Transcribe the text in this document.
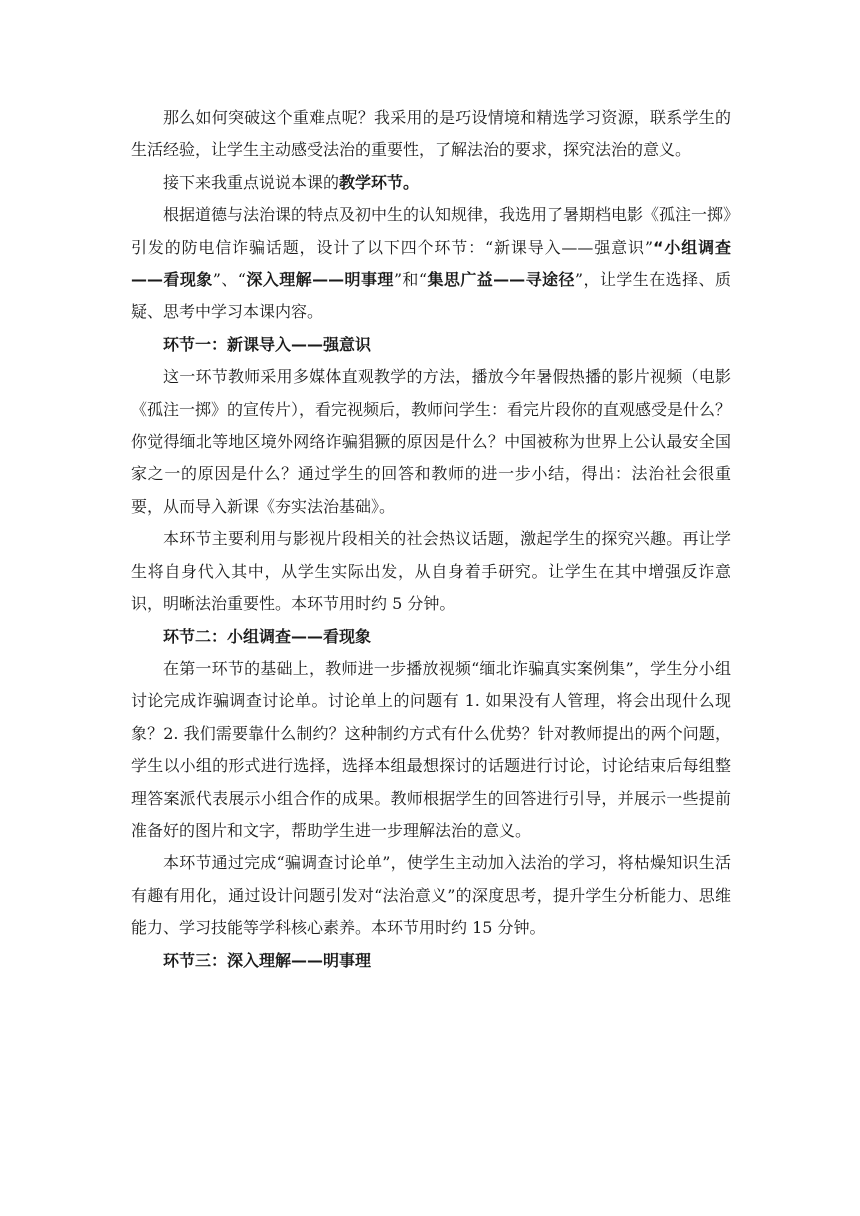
那么如何突破这个重难点呢？我采用的是巧设情境和精选学习资源，联系学生的生活经验，让学生主动感受法治的重要性，了解法治的要求，探究法治的意义。

接下来我重点说说本课的教学环节。

根据道德与法治课的特点及初中生的认知规律，我选用了暑期档电影《孤注一掷》引发的防电信诈骗话题，设计了以下四个环节：“新课导入——强意识”“小组调查——看现象”、“深入理解——明事理”和“集思广益——寻途径”，让学生在选择、质疑、思考中学习本课内容。

环节一：新课导入——强意识

这一环节教师采用多媒体直观教学的方法，播放今年暑假热播的影片视频（电影《孤注一掷》的宣传片），看完视频后，教师问学生：看完片段你的直观感受是什么？你觉得缅北等地区境外网络诈骗猖獗的原因是什么？中国被称为世界上公认最安全国家之一的原因是什么？通过学生的回答和教师的进一步小结，得出：法治社会很重要，从而导入新课《夯实法治基础》。

本环节主要利用与影视片段相关的社会热议话题，激起学生的探究兴趣。再让学生将自身代入其中，从学生实际出发，从自身着手研究。让学生在其中增强反诈意识，明晰法治重要性。本环节用时约 5 分钟。

环节二：小组调查——看现象

在第一环节的基础上，教师进一步播放视频“缅北诈骗真实案例集”，学生分小组讨论完成诈骗调查讨论单。讨论单上的问题有 1. 如果没有人管理，将会出现什么现象？2. 我们需要靠什么制约？这种制约方式有什么优势？针对教师提出的两个问题，学生以小组的形式进行选择，选择本组最想探讨的话题进行讨论，讨论结束后每组整理答案派代表展示小组合作的成果。教师根据学生的回答进行引导，并展示一些提前准备好的图片和文字，帮助学生进一步理解法治的意义。

本环节通过完成“骗调查讨论单”，使学生主动加入法治的学习，将枯燥知识生活有趣有用化，通过设计问题引发对“法治意义”的深度思考，提升学生分析能力、思维能力、学习技能等学科核心素养。本环节用时约 15 分钟。

环节三：深入理解——明事理
